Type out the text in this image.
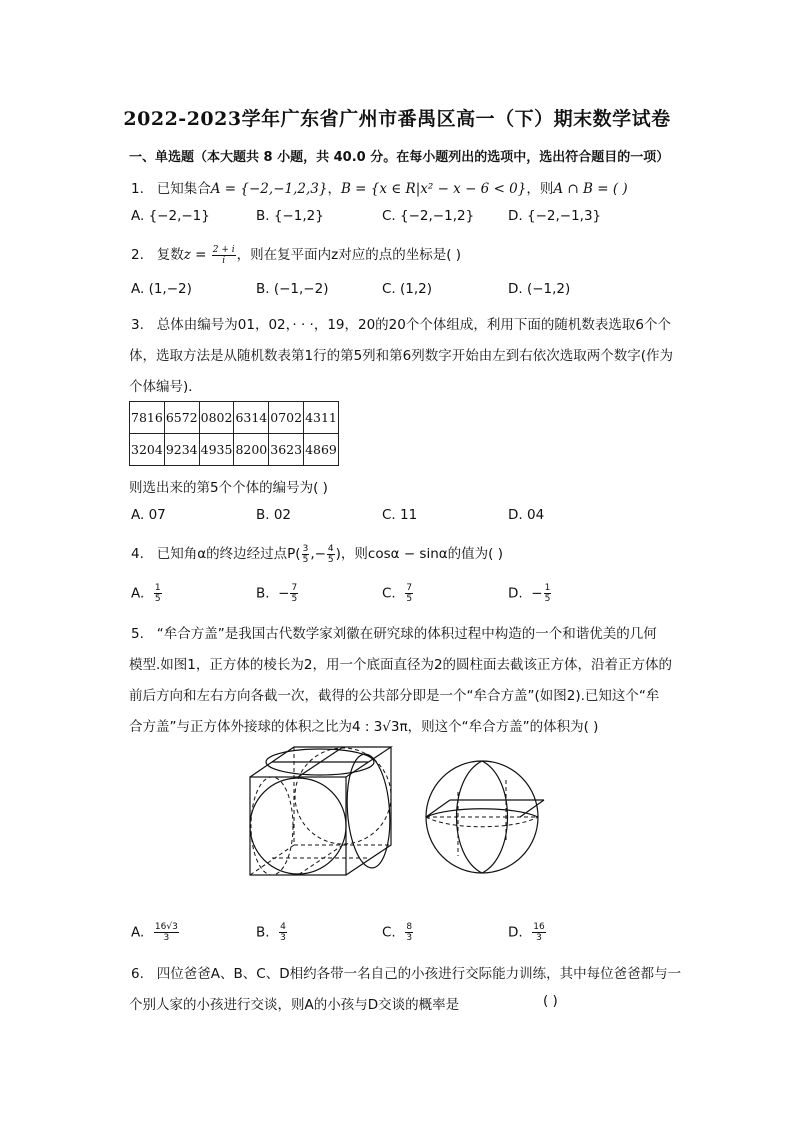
2022-2023学年广东省广州市番禺区高一（下）期末数学试卷
一、单选题（本大题共 8 小题，共 40.0 分。在每小题列出的选项中，选出符合题目的一项）
1. 已知集合A = {−2,−1,2,3}，B = {x ∈ R|x² − x − 6 < 0}，则A ∩ B = ( )
A. {−2,−1}	B. {−1,2}	C. {−2,−1,2}	D. {−2,−1,3}
2. 复数$z = \frac{2 + i}{i}$ ，则在复平面内z对应的点的坐标是( )
A. (1,−2)	B. (−1,−2)	C. (1,2)	D. (−1,2)
3. 总体由编号为01，02，· · ·，19，20的20个个体组成，利用下面的随机数表选取6个个
体，选取方法是从随机数表第1行的第5列和第6列数字开始由左到右依次选取两个数字(作为
个体编号)．
7816	6572	0802	6314	0702	4311
3204	9234	4935	8200	3623	4869
则选出来的第5个个体的编号为( )
A. 07	B. 02	C. 11	D. 04
4. 已知角α的终边经过点$P( \frac{3}{5}$ ,− $\frac{4}{5}$ )，则cosα − sinα的值为( )
A. $\frac{1}{5}$	B. − $\frac{7}{5}$	C. $\frac{7}{5}$	D. − $\frac{1}{5}$
5. “牟合方盖”是我国古代数学家刘徽在研究球的体积过程中构造的一个和谐优美的几何
模型.如图1，正方体的棱长为2，用一个底面直径为2的圆柱面去截该正方体，沿着正方体的
前后方向和左右方向各截一次，截得的公共部分即是一个“牟合方盖”(如图2).已知这个“牟
合方盖”与正方体外接球的体积之比为4 : 3√3π，则这个“牟合方盖”的体积为( )
A. $\frac{16√3}{3}$	B. $\frac{4}{3}$	C. $\frac{8}{3}$	D. $\frac{16}{3}$
6. 四位爸爸A、B、C、D相约各带一名自己的小孩进行交际能力训练，其中每位爸爸都与一
个别人家的小孩进行交谈，则A的小孩与D交谈的概率是	( )
